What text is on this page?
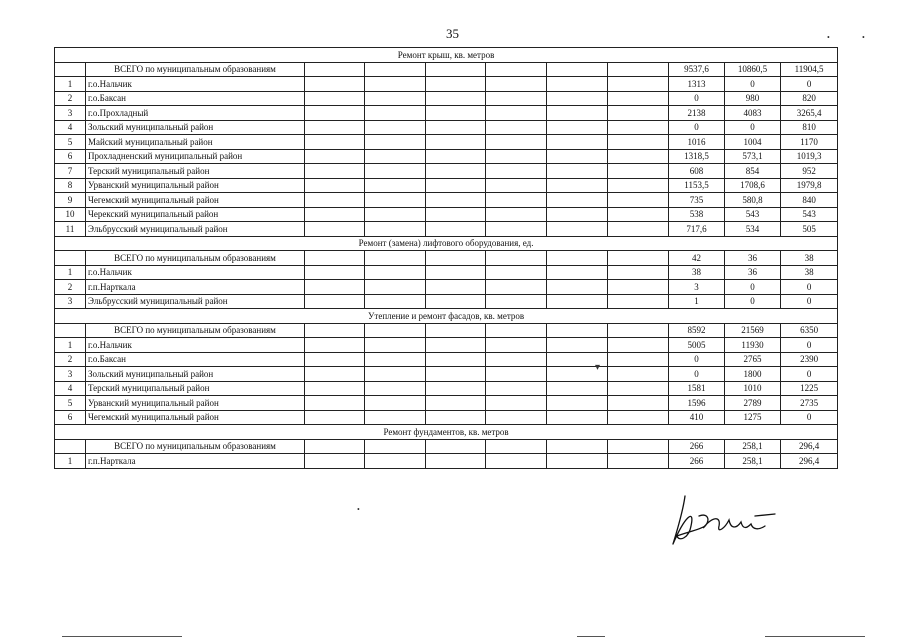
35
Ремонт крыш, кв. метров										
	ВСЕГО по муниципальным образованиям							9537,6	10860,5	11904,5
1	г.о.Нальчик							1313	0	0
2	г.о.Баксан							0	980	820
3	г.о.Прохладный							2138	4083	3265,4
4	Зольский муниципальный район							0	0	810
5	Майский муниципальный район							1016	1004	1170
6	Прохладненский муниципальный район							1318,5	573,1	1019,3
7	Терский муниципальный район							608	854	952
8	Урванский муниципальный район							1153,5	1708,6	1979,8
9	Чегемский муниципальный район							735	580,8	840
10	Черекский муниципальный район							538	543	543
11	Эльбрусский муниципальный район							717,6	534	505
Ремонт (замена) лифтового оборудования, ед.										
	ВСЕГО по муниципальным образованиям							42	36	38
1	г.о.Нальчик							38	36	38
2	г.п.Нарткала							3	0	0
3	Эльбрусский муниципальный район							1	0	0
Утепление и ремонт фасадов, кв. метров										
	ВСЕГО по муниципальным образованиям							8592	21569	6350
1	г.о.Нальчик							5005	11930	0
2	г.о.Баксан							0	2765	2390
3	Зольский муниципальный район							0	1800	0
4	Терский муниципальный район							1581	1010	1225
5	Урванский муниципальный район							1596	2789	2735
6	Чегемский муниципальный район							410	1275	0
Ремонт фундаментов, кв. метров										
	ВСЕГО по муниципальным образованиям							266	258,1	296,4
1	г.п.Нарткала							266	258,1	296,4
•	•
•
▾
